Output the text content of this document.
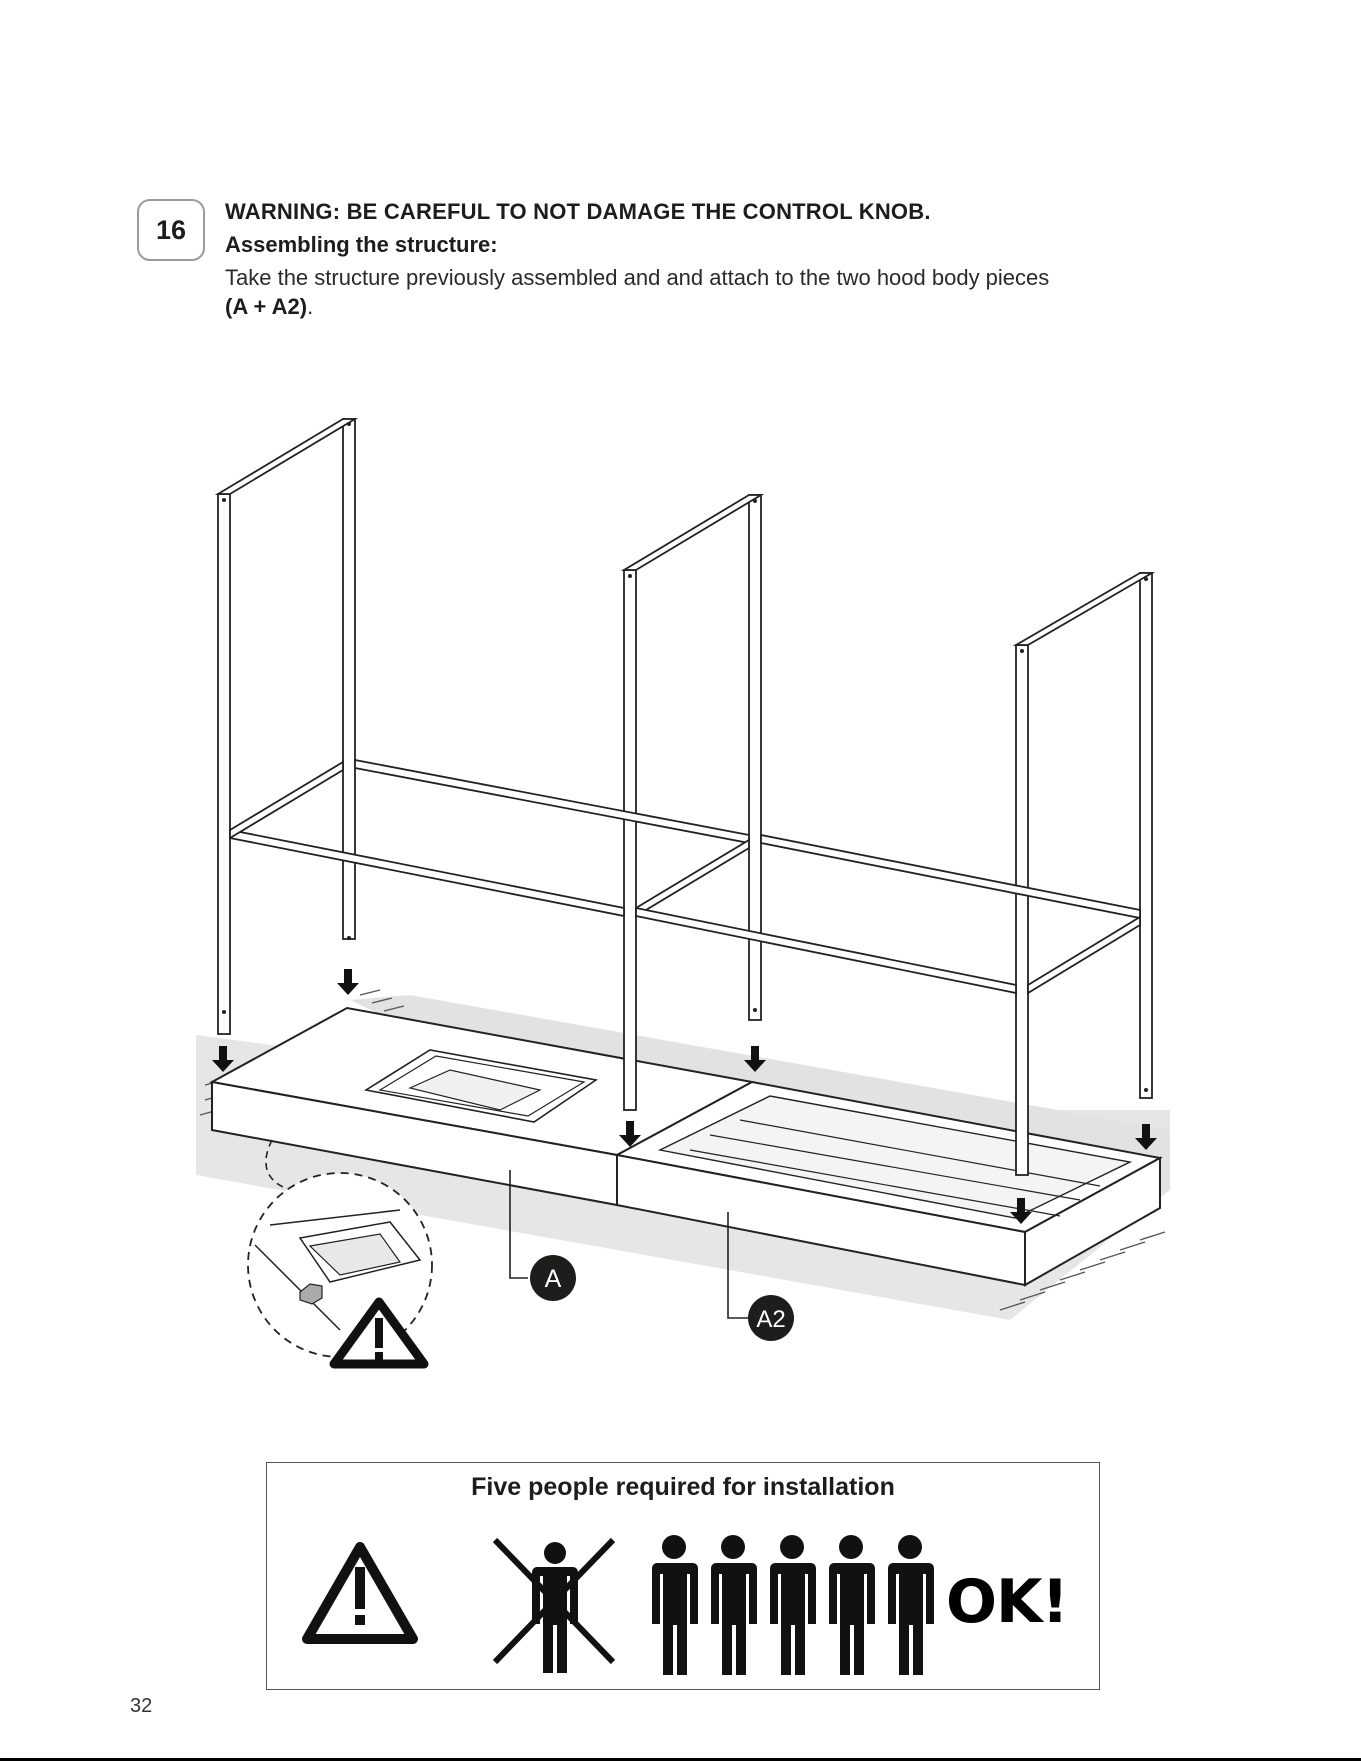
16

WARNING: BE CAREFUL TO NOT DAMAGE THE CONTROL KNOB.

Assembling the structure:

Take the structure previously assembled and and attach to the two hood body pieces
(A + A2).

A
A2
Five people required for installation
OK!
32
